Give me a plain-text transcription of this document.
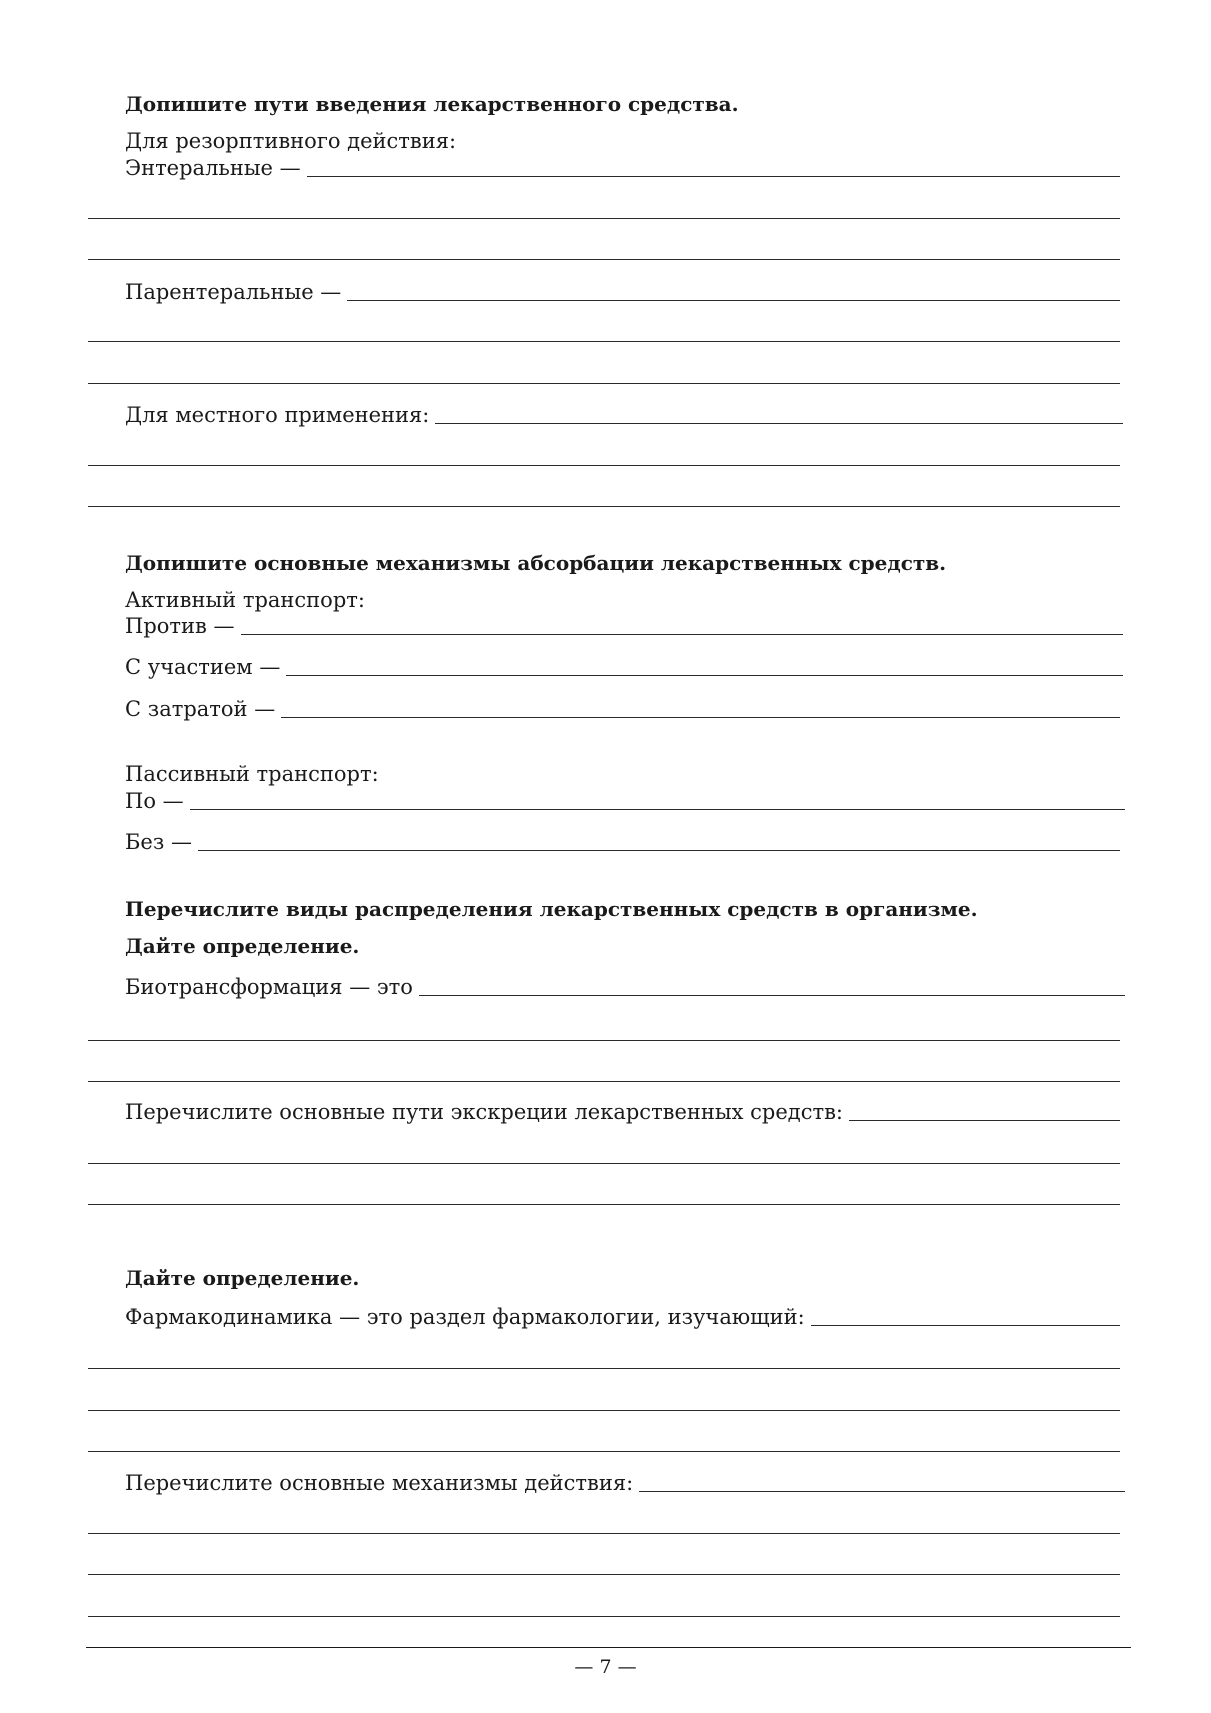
Допишите пути введения лекарственного средства.
Для резорптивного действия:
Энтеральные —
Парентеральные —
Для местного применения:
Допишите основные механизмы абсорбации лекарственных средств.
Активный транспорт:
Против —
С участием —
С затратой —
Пассивный транспорт:
По —
Без —
Перечислите виды распределения лекарственных средств в организме.
Дайте определение.
Биотрансформация — это
Перечислите основные пути экскреции лекарственных средств:
Дайте определение.
Фармакодинамика — это раздел фармакологии, изучающий:
Перечислите основные механизмы действия:
— 7 —
